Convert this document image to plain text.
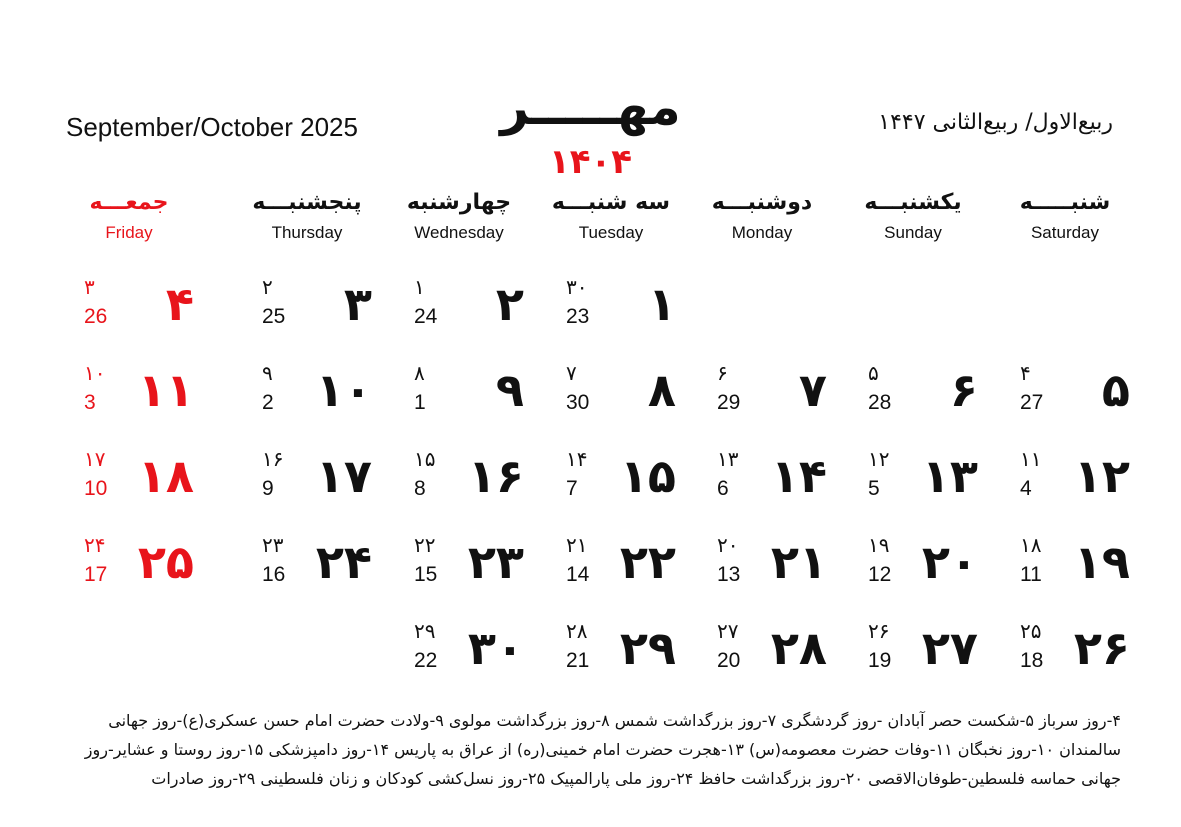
September/October 2025	ربیع‌الاول/ ربیع‌الثانی ۱۴۴۷
مهـــــر
۱۴۰۴
شنبـــــه
Saturday
یکشنبـــه
Sunday
دوشنبـــه
Monday
سه شنبـــه
Tuesday
چهارشنبه
Wednesday
پنجشنبـــه
Thursday
جمعـــه
Friday
۱
۳۰
23
۲
۱
24
۳
۲
25
۴
۳
26
۵
۴
27
۶
۵
28
۷
۶
29
۸
۷
30
۹
۸
1
۱۰
۹
2
۱۱
۱۰
3
۱۲
۱۱
4
۱۳
۱۲
5
۱۴
۱۳
6
۱۵
۱۴
7
۱۶
۱۵
8
۱۷
۱۶
9
۱۸
۱۷
10
۱۹
۱۸
11
۲۰
۱۹
12
۲۱
۲۰
13
۲۲
۲۱
14
۲۳
۲۲
15
۲۴
۲۳
16
۲۵
۲۴
17
۲۶
۲۵
18
۲۷
۲۶
19
۲۸
۲۷
20
۲۹
۲۸
21
۳۰
۲۹
22
۴-روز سرباز ۵-شکست حصر آبادان -روز گردشگری ۷-روز بزرگداشت شمس ۸-روز بزرگداشت مولوی ۹-ولادت حضرت امام حسن عسکری(ع)-روز جهانی سالمندان ۱۰-روز نخبگان ۱۱-وفات حضرت معصومه(س) ۱۳-هجرت حضرت امام خمینی(ره) از عراق به پاریس ۱۴-روز دامپزشکی ۱۵-روز روستا و عشایر-روز جهانی حماسه فلسطین-طوفان‌الاقصی ۲۰-روز بزرگداشت حافظ ۲۴-روز ملی پارالمپیک ۲۵-روز نسل‌کشی کودکان و زنان فلسطینی ۲۹-روز صادرات
